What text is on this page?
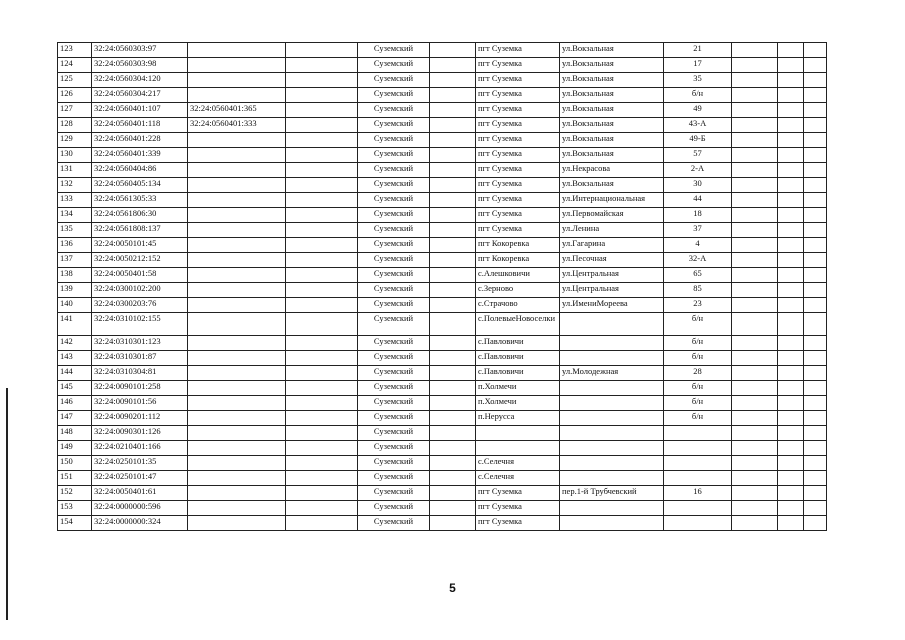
123	32:24:0560303:97			Суземский		пгт Суземка	ул.Вокзальная	21			
124	32:24:0560303:98			Суземский		пгт Суземка	ул.Вокзальная	17			
125	32:24:0560304:120			Суземский		пгт Суземка	ул.Вокзальная	35			
126	32:24:0560304:217			Суземский		пгт Суземка	ул.Вокзальная	б/н			
127	32:24:0560401:107	32:24:0560401:365		Суземский		пгт Суземка	ул.Вокзальная	49			
128	32:24:0560401:118	32:24:0560401:333		Суземский		пгт Суземка	ул.Вокзальная	43-А			
129	32:24:0560401:228			Суземский		пгт Суземка	ул.Вокзальная	49-Б			
130	32:24:0560401:339			Суземский		пгт Суземка	ул.Вокзальная	57			
131	32:24:0560404:86			Суземский		пгт Суземка	ул.Некрасова	2-А			
132	32:24:0560405:134			Суземский		пгт Суземка	ул.Вокзальная	30			
133	32:24:0561305:33			Суземский		пгт Суземка	ул.Интернациональная	44			
134	32:24:0561806:30			Суземский		пгт Суземка	ул.Первомайская	18			
135	32:24:0561808:137			Суземский		пгт Суземка	ул.Ленина	37			
136	32:24:0050101:45			Суземский		пгт Кокоревка	ул.Гагарина	4			
137	32:24:0050212:152			Суземский		пгт Кокоревка	ул.Песочная	32-А			
138	32:24:0050401:58			Суземский		с.Алешковичи	ул.Центральная	65			
139	32:24:0300102:200			Суземский		с.Зерново	ул.Центральная	85			
140	32:24:0300203:76			Суземский		с.Страчово	ул.ИмениМореева	23			
141	32:24:0310102:155			Суземский		с.ПолевыеНовоселки		б/н			
142	32:24:0310301:123			Суземский		с.Павловичи		б/н			
143	32:24:0310301:87			Суземский		с.Павловичи		б/н			
144	32:24:0310304:81			Суземский		с.Павловичи	ул.Молодежная	28			
145	32:24:0090101:258			Суземский		п.Холмечи		б/н			
146	32:24:0090101:56			Суземский		п.Холмечи		б/н			
147	32:24:0090201:112			Суземский		п.Нерусса		б/н			
148	32:24:0090301:126			Суземский							
149	32:24:0210401:166			Суземский							
150	32:24:0250101:35			Суземский		с.Селечня					
151	32:24:0250101:47			Суземский		с.Селечня					
152	32:24:0050401:61			Суземский		пгт Суземка	пер.1-й Трубчевский	16			
153	32:24:0000000:596			Суземский		пгт Суземка					
154	32:24:0000000:324			Суземский		пгт Суземка					
5
